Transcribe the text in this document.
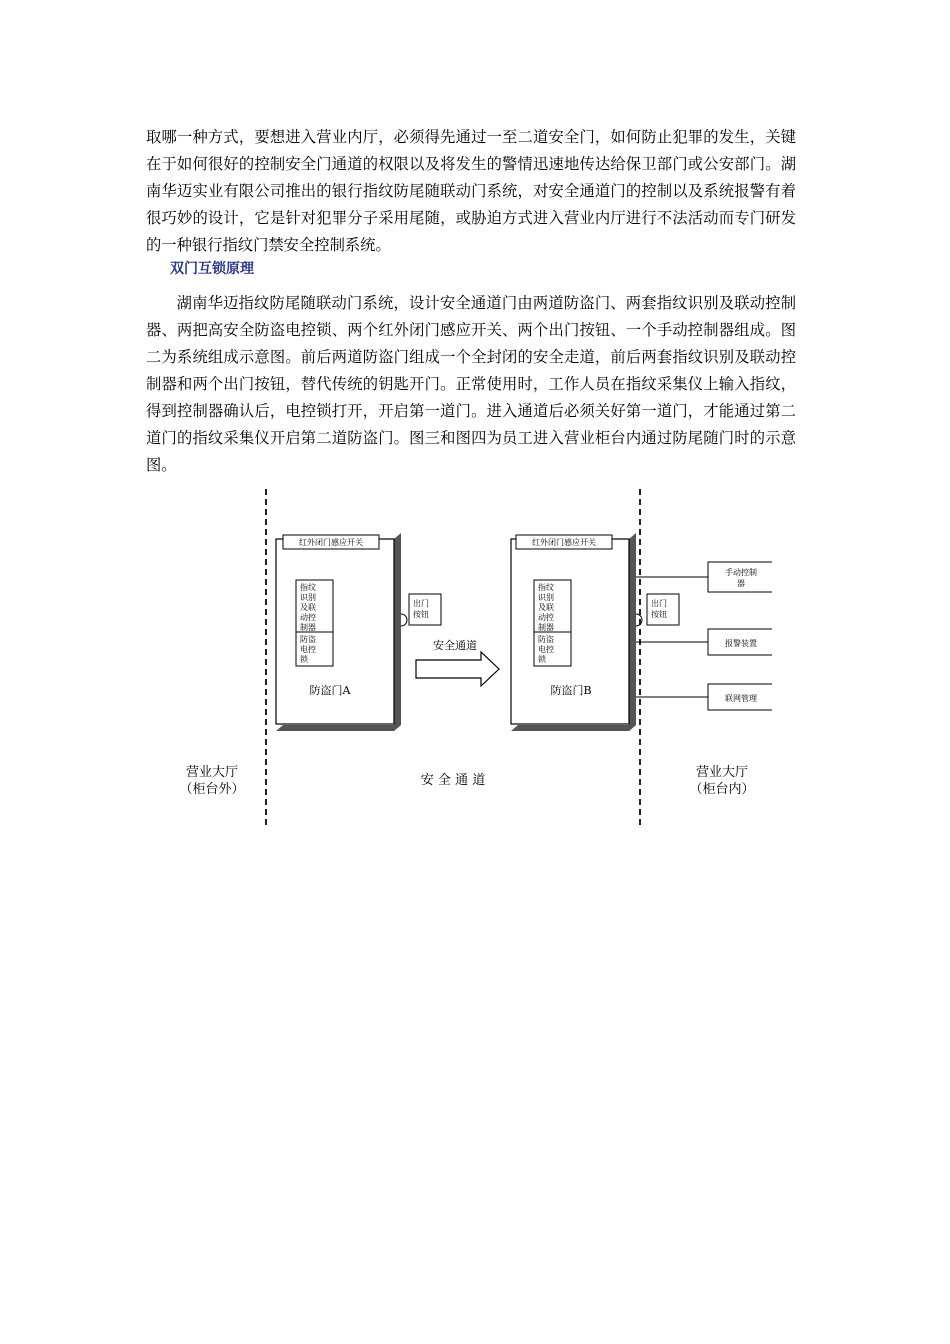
取哪一种方式，要想进入营业内厅，必须得先通过一至二道安全门，如何防止犯罪的发生，关键在于如何很好的控制安全门通道的权限以及将发生的警情迅速地传达给保卫部门或公安部门。湖南华迈实业有限公司推出的银行指纹防尾随联动门系统，对安全通道门的控制以及系统报警有着很巧妙的设计，它是针对犯罪分子采用尾随，或胁迫方式进入营业内厅进行不法活动而专门研发的一种银行指纹门禁安全控制系统。

双门互锁原理

湖南华迈指纹防尾随联动门系统，设计安全通道门由两道防盗门、两套指纹识别及联动控制器、两把高安全防盗电控锁、两个红外闭门感应开关、两个出门按钮、一个手动控制器组成。图二为系统组成示意图。前后两道防盗门组成一个全封闭的安全走道，前后两套指纹识别及联动控制器和两个出门按钮，替代传统的钥匙开门。正常使用时，工作人员在指纹采集仪上输入指纹，得到控制器确认后，电控锁打开，开启第一道门。进入通道后必须关好第一道门，才能通过第二道门的指纹采集仪开启第二道防盗门。图三和图四为员工进入营业柜台内通过防尾随门时的示意图。

红外闭门感应开关
指纹
识别
及联
动控
制器
防盗
电控
锁
防盗门A
出门
按钮
安全通道
红外闭门感应开关
指纹
识别
及联
动控
制器
防盗
电控
锁
防盗门B
出门
按钮
手动控制
器
报警装置
联网管理
营业大厅
（柜台外）
安 全 通 道
营业大厅
（柜台内）
